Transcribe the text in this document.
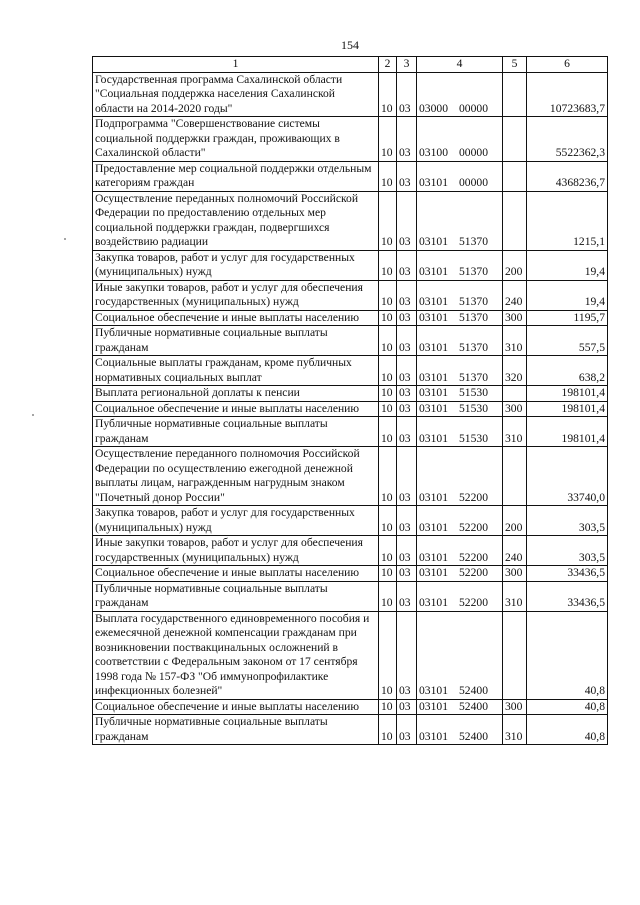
154
1	2	3	4	5	6
Государственная программа Сахалинской области "Социальная поддержка населения Сахалинской области на 2014-2020 годы"	10	03	03000 00000		10723683,7
Подпрограмма "Совершенствование системы социальной поддержки граждан, проживающих в Сахалинской области"	10	03	03100 00000		5522362,3
Предоставление мер социальной поддержки отдельным категориям граждан	10	03	03101 00000		4368236,7
Осуществление переданных полномочий Российской Федерации по предоставлению отдельных мер социальной поддержки граждан, подвергшихся воздействию радиации	10	03	03101 51370		1215,1
Закупка товаров, работ и услуг для государственных (муниципальных) нужд	10	03	03101 51370	200	19,4
Иные закупки товаров, работ и услуг для обеспечения государственных (муниципальных) нужд	10	03	03101 51370	240	19,4
Социальное обеспечение и иные выплаты населению	10	03	03101 51370	300	1195,7
Публичные нормативные социальные выплаты гражданам	10	03	03101 51370	310	557,5
Социальные выплаты гражданам, кроме публичных нормативных социальных выплат	10	03	03101 51370	320	638,2
Выплата региональной доплаты к пенсии	10	03	03101 51530		198101,4
Социальное обеспечение и иные выплаты населению	10	03	03101 51530	300	198101,4
Публичные нормативные социальные выплаты гражданам	10	03	03101 51530	310	198101,4
Осуществление переданного полномочия Российской Федерации по осуществлению ежегодной денежной выплаты лицам, награжденным нагрудным знаком "Почетный донор России"	10	03	03101 52200		33740,0
Закупка товаров, работ и услуг для государственных (муниципальных) нужд	10	03	03101 52200	200	303,5
Иные закупки товаров, работ и услуг для обеспечения государственных (муниципальных) нужд	10	03	03101 52200	240	303,5
Социальное обеспечение и иные выплаты населению	10	03	03101 52200	300	33436,5
Публичные нормативные социальные выплаты гражданам	10	03	03101 52200	310	33436,5
Выплата государственного единовременного пособия и ежемесячной денежной компенсации гражданам при возникновении поствакцинальных осложнений в соответствии с Федеральным законом от 17 сентября 1998 года № 157-ФЗ "Об иммунопрофилактике инфекционных болезней"	10	03	03101 52400		40,8
Социальное обеспечение и иные выплаты населению	10	03	03101 52400	300	40,8
Публичные нормативные социальные выплаты гражданам	10	03	03101 52400	310	40,8
